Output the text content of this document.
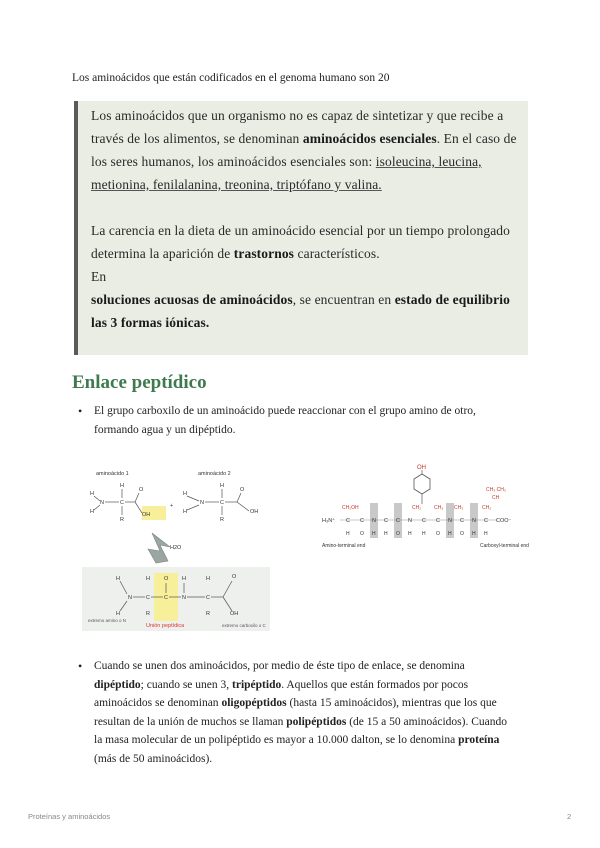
Los aminoácidos que están codificados en el genoma humano son 20

Los aminoácidos que un organismo no es capaz de sintetizar y que recibe a través de los alimentos, se denominan aminoácidos esenciales. En el caso de los seres humanos, los aminoácidos esenciales son: isoleucina, leucina, metionina, fenilalanina, treonina, triptófano y valina.

La carencia en la dieta de un aminoácido esencial por un tiempo prolongado determina la aparición de trastornos característicos.

En
soluciones acuosas de aminoácidos, se encuentran en estado de equilibrio las 3 formas iónicas.

Enlace peptídico
• El grupo carboxilo de un aminoácido puede reaccionar con el grupo amino de otro, formando agua y un dipéptido.
aminoácido 1	aminoácido 2
H
H
N
H
C
R
O
OH
+
H
H
N
H
C
R
O
OH
H2O
H
H
N
H
C
R
O
C	N
H	H
C
R
O
OH
extremo amino o N
Unión peptídica	extremo carboxilo o C
OH
CH₂OH	CH₂	CH₃ CH₃
CH₃ CH₃
CH
CH₂
H₃N⁺ C C N C C N C C N C N C COO⁻
H O H H O H H O H O H H
Amino-terminal end	Carboxyl-terminal end
• Cuando se unen dos aminoácidos, por medio de éste tipo de enlace, se denomina dipéptido; cuando se unen 3, tripéptido. Aquellos que están formados por pocos aminoácidos se denominan oligopéptidos (hasta 15 aminoácidos), mientras que los que resultan de la unión de muchos se llaman polipéptidos (de 15 a 50 aminoácidos). Cuando la masa molecular de un polipéptido es mayor a 10.000 dalton, se lo denomina proteína (más de 50 aminoácidos).
Proteínas y aminoácidos	2
